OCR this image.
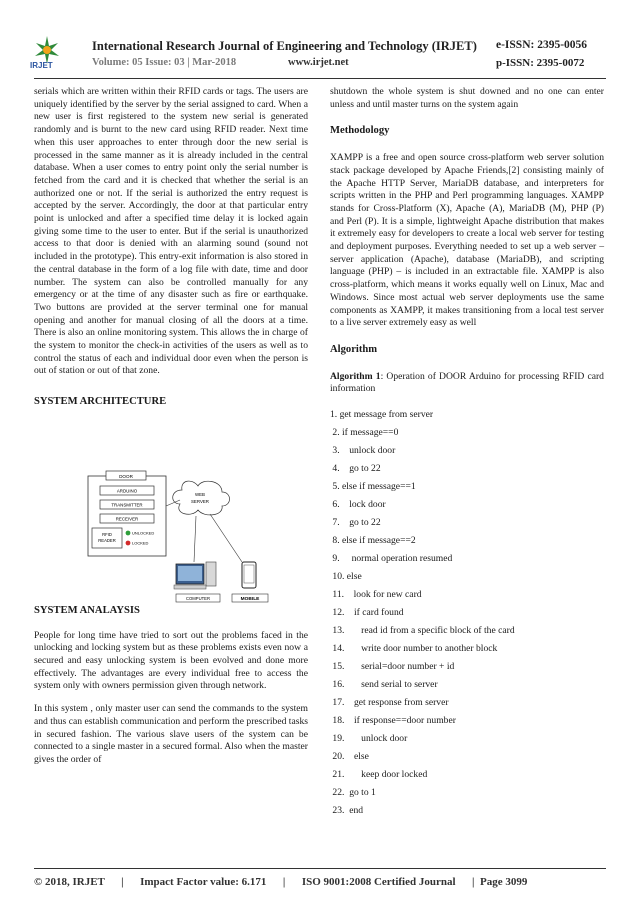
IRJET
International Research Journal of Engineering and Technology (IRJET) e-ISSN: 2395-0056
Volume: 05 Issue: 03 | Mar-2018	www.irjet.net	p-ISSN: 2395-0072

serials which are written within their RFID cards or tags. The users are uniquely identified by the server by the serial assigned to card. When a new user is first registered to the system new serial is generated randomly and is burnt to the new card using RFID reader. Next time when this user approaches to enter through door the new serial is processed in the same manner as it is already included in the central database. When a user comes to entry point only the serial number is fetched from the card and it is checked that whether the serial is an authorized one or not. If the serial is authorized the entry request is accepted by the server. Accordingly, the door at that particular entry point is unlocked and after a specified time delay it is locked again giving some time to the user to enter. But if the serial is unauthorized access to that door is denied with an alarming sound (sound not included in the prototype). This entry-exit information is also stored in the central database in the form of a log file with date, time and door number. The system can also be controlled manually for any emergency or at the time of any disaster such as fire or earthquake. Two buttons are provided at the server terminal one for manual opening and another for manual closing of all the doors at a time. There is also an online monitoring system. This allows the in charge of the system to monitor the check-in activities of the users as well as to control the status of each and individual door even when the person is out of station or out of that zone.

SYSTEM ARCHITECTURE

SYSTEM ANALAYSIS

People for long time have tried to sort out the problems faced in the unlocking and locking system but as these problems exists even now a secured and easy unlocking system is been evolved and done more effectively. The advantages are every individual free to access the system only with owners permission given through network.

In this system , only master user can send the commands to the system and thus can establish communication and perform the prescribed tasks in secured fashion. The various slave users of the system can be connected to a single master in a secured formal. Also when the master gives the order of

DOOR
ARDUINO
TRANSMITTER
RECEIVER
RFID
READER
UNLOCKED
LOCKED
WEB
SERVER
COMPUTER	MOBILE

shutdown the whole system is shut downed and no one can enter unless and until master turns on the system again

Methodology

XAMPP is a free and open source cross-platform web server solution stack package developed by Apache Friends,[2] consisting mainly of the Apache HTTP Server, MariaDB database, and interpreters for scripts written in the PHP and Perl programming languages. XAMPP stands for Cross-Platform (X), Apache (A), MariaDB (M), PHP (P) and Perl (P). It is a simple, lightweight Apache distribution that makes it extremely easy for developers to create a local web server for testing and deployment purposes. Everything needed to set up a web server – server application (Apache), database (MariaDB), and scripting language (PHP) – is included in an extractable file. XAMPP is also cross-platform, which means it works equally well on Linux, Mac and Windows. Since most actual web server deployments use the same components as XAMPP, it makes transitioning from a local test server to a live server extremely easy as well

Algorithm

Algorithm 1: Operation of DOOR Arduino for processing RFID card information

1. get message from server
2. if message==0
3.    unlock door
4.    go to 22
5. else if message==1
6.    lock door
7.    go to 22
8. else if message==2
9.     normal operation resumed
10. else
11.    look for new card
12.    if card found
13.       read id from a specific block of the card
14.       write door number to another block
15.       serial=door number + id
16.       send serial to server
17.    get response from server
18.    if response==door number
19.       unlock door
20.    else
21.       keep door locked
22.  go to 1
23.  end
© 2018, IRJET      |      Impact Factor value: 6.171      |      ISO 9001:2008 Certified Journal      |  Page 3099
